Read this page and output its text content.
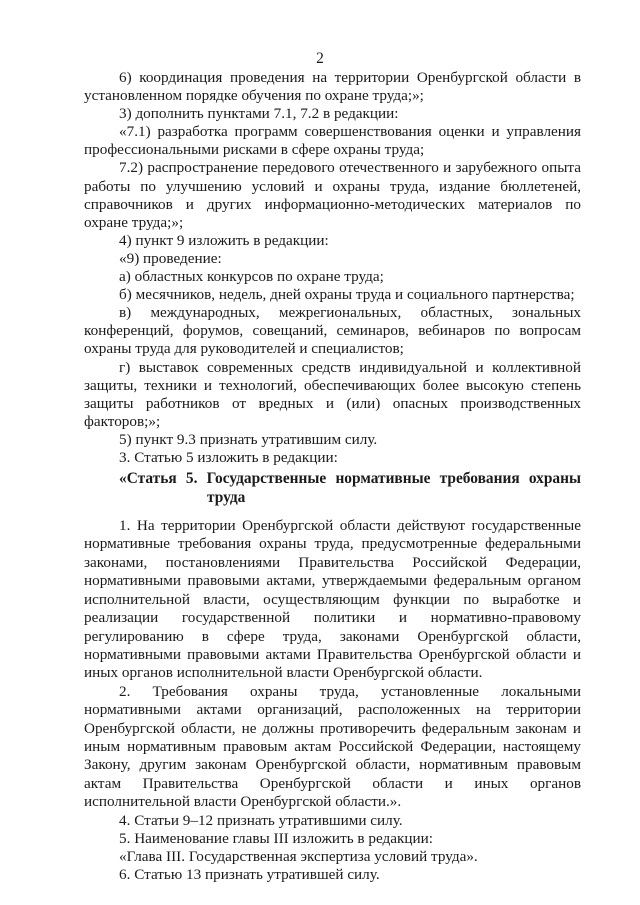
2

6) координация проведения на территории Оренбургской области в установленном порядке обучения по охране труда;»;

3) дополнить пунктами 7.1, 7.2 в редакции:

«7.1) разработка программ совершенствования оценки и управления профессиональными рисками в сфере охраны труда;

7.2) распространение передового отечественного и зарубежного опыта работы по улучшению условий и охраны труда, издание бюллетеней, справочников и других информационно-методических материалов по охране труда;»;

4) пункт 9 изложить в редакции:

«9) проведение:

а) областных конкурсов по охране труда;

б) месячников, недель, дней охраны труда и социального партнерства;

в) международных, межрегиональных, областных, зональных конференций, форумов, совещаний, семинаров, вебинаров по вопросам охраны труда для руководителей и специалистов;

г) выставок современных средств индивидуальной и коллективной защиты, техники и технологий, обеспечивающих более высокую степень защиты работников от вредных и (или) опасных производственных факторов;»;

5) пункт 9.3 признать утратившим силу.

3. Статью 5 изложить в редакции:

«Статья 5. Государственные нормативные требования охраны
труда

1. На территории Оренбургской области действуют государственные нормативные требования охраны труда, предусмотренные федеральными законами, постановлениями Правительства Российской Федерации, нормативными правовыми актами, утверждаемыми федеральным органом исполнительной власти, осуществляющим функции по выработке и реализации государственной политики и нормативно-правовому регулированию в сфере труда, законами Оренбургской области, нормативными правовыми актами Правительства Оренбургской области и иных органов исполнительной власти Оренбургской области.

2. Требования охраны труда, установленные локальными нормативными актами организаций, расположенных на территории Оренбургской области, не должны противоречить федеральным законам и иным нормативным правовым актам Российской Федерации, настоящему Закону, другим законам Оренбургской области, нормативным правовым актам Правительства Оренбургской области и иных органов исполнительной власти Оренбургской области.».

4. Статьи 9–12 признать утратившими силу.

5. Наименование главы III изложить в редакции:

«Глава III. Государственная экспертиза условий труда».

6. Статью 13 признать утратившей силу.
